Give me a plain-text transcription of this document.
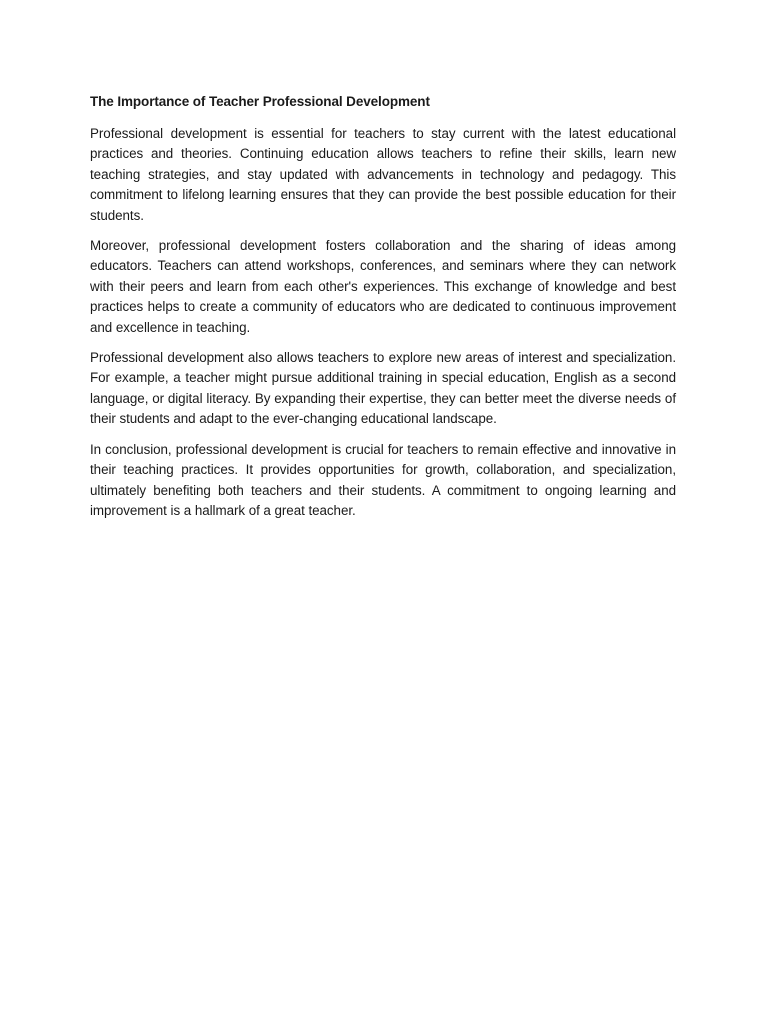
The Importance of Teacher Professional Development

Professional development is essential for teachers to stay current with the latest educational practices and theories. Continuing education allows teachers to refine their skills, learn new teaching strategies, and stay updated with advancements in technology and pedagogy. This commitment to lifelong learning ensures that they can provide the best possible education for their students.

Moreover, professional development fosters collaboration and the sharing of ideas among educators. Teachers can attend workshops, conferences, and seminars where they can network with their peers and learn from each other's experiences. This exchange of knowledge and best practices helps to create a community of educators who are dedicated to continuous improvement and excellence in teaching.

Professional development also allows teachers to explore new areas of interest and specialization. For example, a teacher might pursue additional training in special education, English as a second language, or digital literacy. By expanding their expertise, they can better meet the diverse needs of their students and adapt to the ever-changing educational landscape.

In conclusion, professional development is crucial for teachers to remain effective and innovative in their teaching practices. It provides opportunities for growth, collaboration, and specialization, ultimately benefiting both teachers and their students. A commitment to ongoing learning and improvement is a hallmark of a great teacher.
